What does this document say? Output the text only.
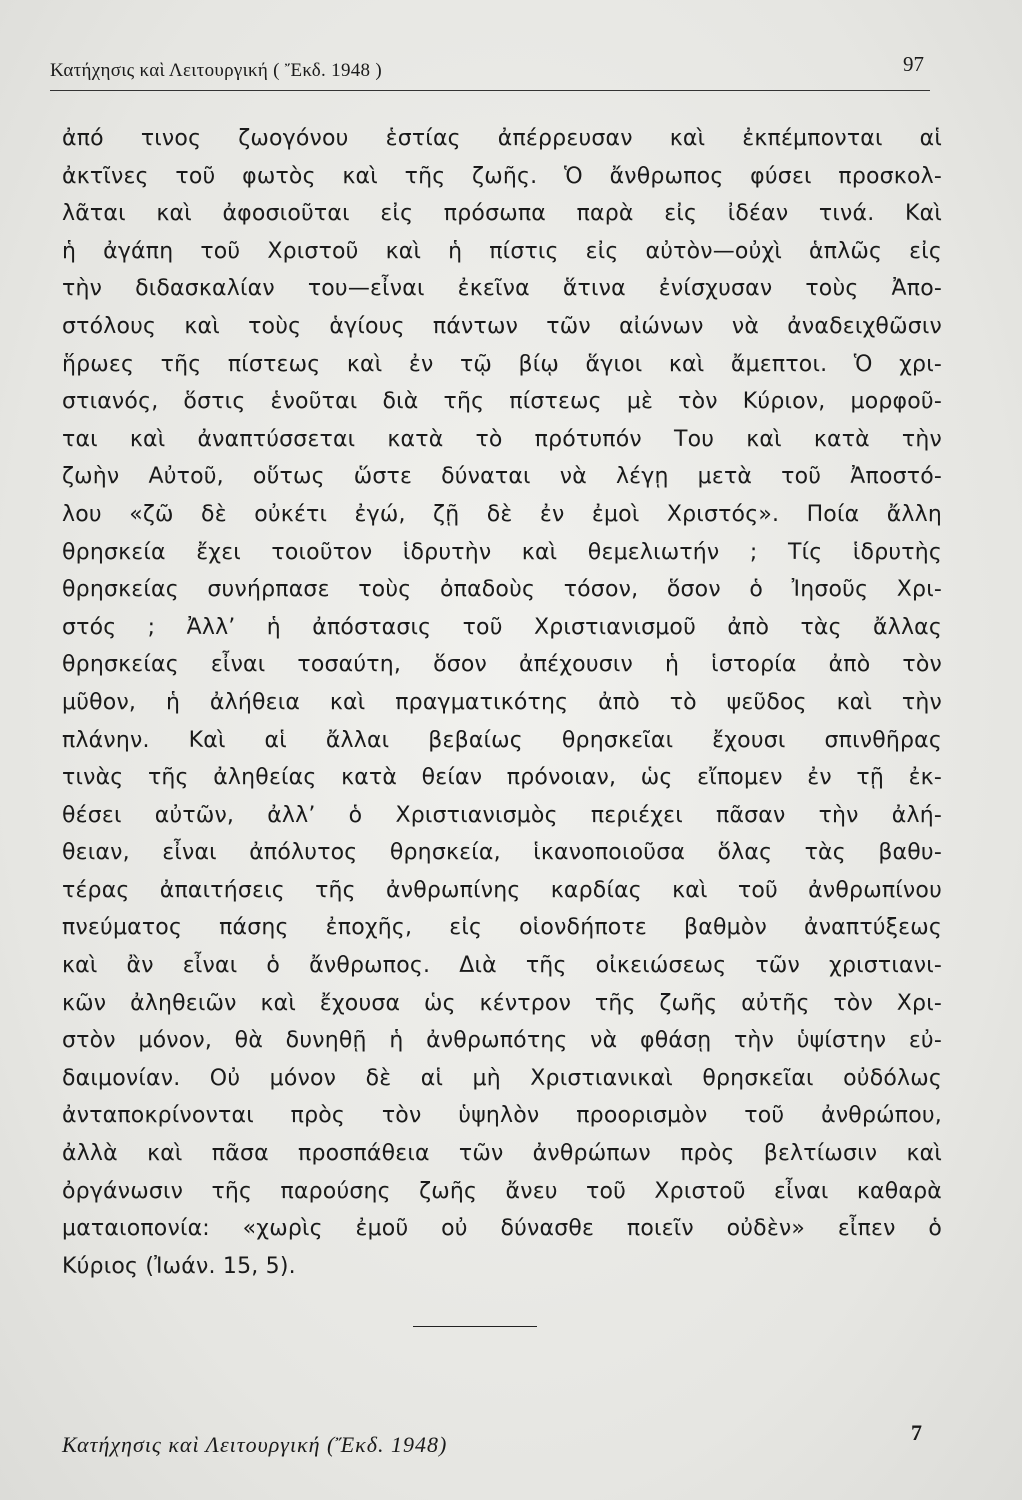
Κατήχησις καὶ Λειτουργική ( Ἔκδ. 1948 )	97
ἀπό τινος ζωογόνου ἑστίας ἀπέρρευσαν καὶ ἐκπέμπονται αἱ
ἀκτῖνες τοῦ φωτὸς καὶ τῆς ζωῆς. Ὁ ἄνθρωπος φύσει προσκολ-
λᾶται καὶ ἀφοσιοῦται εἰς πρόσωπα παρὰ εἰς ἰδέαν τινά. Καὶ
ἡ ἀγάπη τοῦ Χριστοῦ καὶ ἡ πίστις εἰς αὐτὸν—οὐχὶ ἁπλῶς εἰς
τὴν διδασκαλίαν του—εἶναι ἐκεῖνα ἅτινα ἐνίσχυσαν τοὺς Ἀπο-
στόλους καὶ τοὺς ἁγίους πάντων τῶν αἰώνων νὰ ἀναδειχθῶσιν
ἥρωες τῆς πίστεως καὶ ἐν τῷ βίῳ ἅγιοι καὶ ἄμεπτοι. Ὁ χρι-
στιανός, ὅστις ἑνοῦται διὰ τῆς πίστεως μὲ τὸν Κύριον, μορφοῦ-
ται καὶ ἀναπτύσσεται κατὰ τὸ πρότυπόν Του καὶ κατὰ τὴν
ζωὴν Αὐτοῦ, οὕτως ὥστε δύναται νὰ λέγῃ μετὰ τοῦ Ἀποστό-
λου «ζῶ δὲ οὐκέτι ἐγώ, ζῇ δὲ ἐν ἐμοὶ Χριστός». Ποία ἄλλη
θρησκεία ἔχει τοιοῦτον ἱδρυτὴν καὶ θεμελιωτήν ; Τίς ἱδρυτὴς
θρησκείας συνήρπασε τοὺς ὀπαδοὺς τόσον, ὅσον ὁ Ἰησοῦς Χρι-
στός ; Ἀλλ’ ἡ ἀπόστασις τοῦ Χριστιανισμοῦ ἀπὸ τὰς ἄλλας
θρησκείας εἶναι τοσαύτη, ὅσον ἀπέχουσιν ἡ ἱστορία ἀπὸ τὸν
μῦθον, ἡ ἀλήθεια καὶ πραγματικότης ἀπὸ τὸ ψεῦδος καὶ τὴν
πλάνην. Καὶ αἱ ἄλλαι βεβαίως θρησκεῖαι ἔχουσι σπινθῆρας
τινὰς τῆς ἀληθείας κατὰ θείαν πρόνοιαν, ὡς εἴπομεν ἐν τῇ ἐκ-
θέσει αὐτῶν, ἀλλ’ ὁ Χριστιανισμὸς περιέχει πᾶσαν τὴν ἀλή-
θειαν, εἶναι ἀπόλυτος θρησκεία, ἱκανοποιοῦσα ὅλας τὰς βαθυ-
τέρας ἀπαιτήσεις τῆς ἀνθρωπίνης καρδίας καὶ τοῦ ἀνθρωπίνου
πνεύματος πάσης ἐποχῆς, εἰς οἱονδήποτε βαθμὸν ἀναπτύξεως
καὶ ἂν εἶναι ὁ ἄνθρωπος. Διὰ τῆς οἰκειώσεως τῶν χριστιανι-
κῶν ἀληθειῶν καὶ ἔχουσα ὡς κέντρον τῆς ζωῆς αὐτῆς τὸν Χρι-
στὸν μόνον, θὰ δυνηθῇ ἡ ἀνθρωπότης νὰ φθάσῃ τὴν ὑψίστην εὐ-
δαιμονίαν. Οὐ μόνον δὲ αἱ μὴ Χριστιανικαὶ θρησκεῖαι οὐδόλως
ἀνταποκρίνονται πρὸς τὸν ὑψηλὸν προορισμὸν τοῦ ἀνθρώπου,
ἀλλὰ καὶ πᾶσα προσπάθεια τῶν ἀνθρώπων πρὸς βελτίωσιν καὶ
ὀργάνωσιν τῆς παρούσης ζωῆς ἄνευ τοῦ Χριστοῦ εἶναι καθαρὰ
ματαιοπονία: «χωρὶς ἐμοῦ οὐ δύνασθε ποιεῖν οὐδὲν» εἶπεν ὁ
Κύριος (Ἰωάν. 15, 5).
Κατήχησις καὶ Λειτουργική (Ἔκδ. 1948)	7
